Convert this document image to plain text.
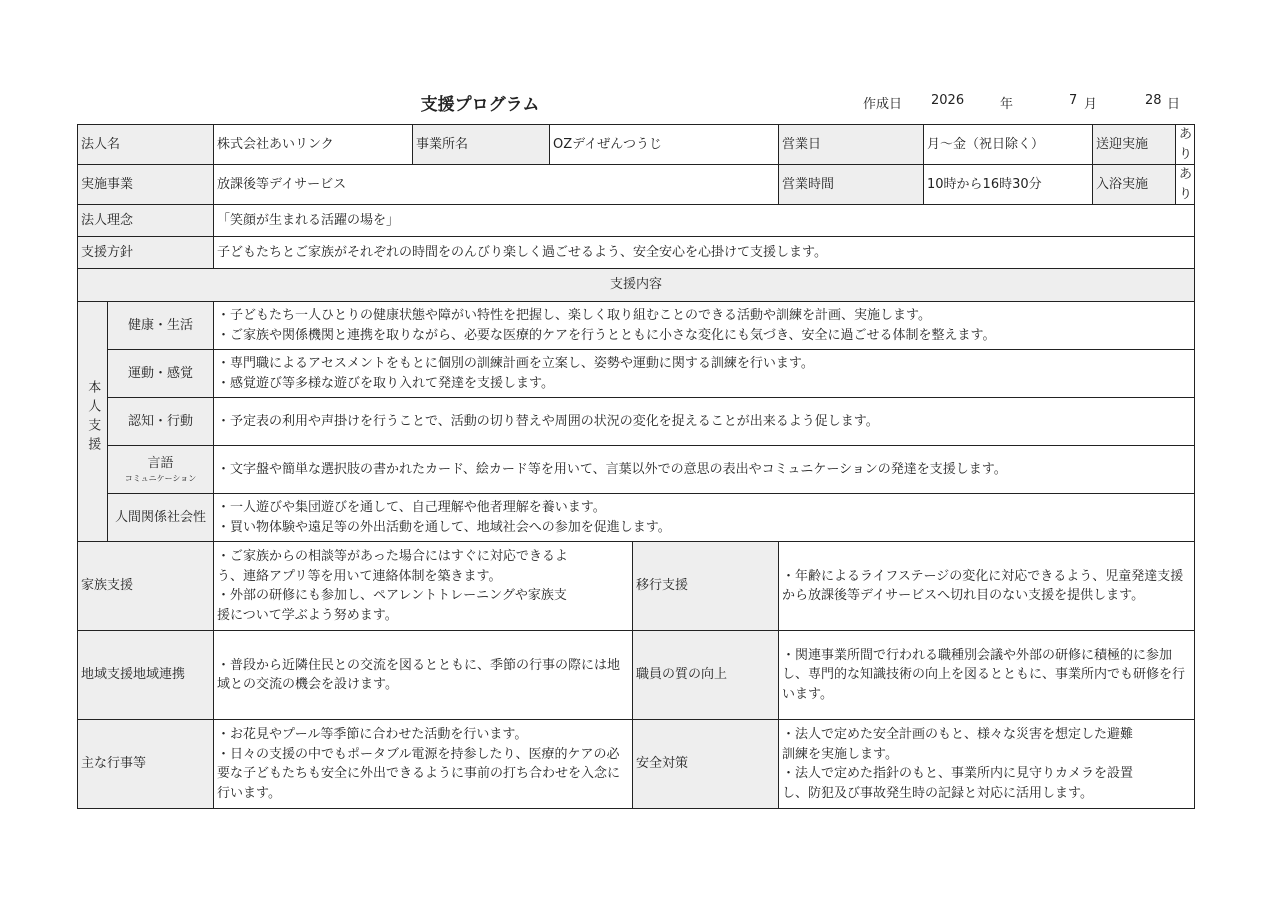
支援プログラム	作成日 2026	年	7 月	28 日
法人名		株式会社あいリンク	事業所名	OZデイぜんつうじ		営業日	月～金（祝日除く）	送迎実施	あり
実施事業		放課後等デイサービス				営業時間	10時から16時30分	入浴実施	あり
法人理念		「笑顔が生まれる活躍の場を」							
支援方針		子どもたちとご家族がそれぞれの時間をのんびり楽しく過ごせるよう、安全安心を心掛けて支援します。							
支援内容									
本人支援	健康・生活	・子どもたち一人ひとりの健康状態や障がい特性を把握し、楽しく取り組むことのできる活動や訓練を計画、実施します。
・ご家族や関係機関と連携を取りながら、必要な医療的ケアを行うとともに小さな変化にも気づき、安全に過ごせる体制を整えます。							

	運動・感覚	・専門職によるアセスメントをもとに個別の訓練計画を立案し、姿勢や運動に関する訓練を行います。
・感覚遊び等多様な遊びを取り入れて発達を支援します。							

	認知・行動	・予定表の利用や声掛けを行うことで、活動の切り替えや周囲の状況の変化を捉えることが出来るよう促します。							

	言語
コミュニケーション	・文字盤や簡単な選択肢の書かれたカード、絵カード等を用いて、言葉以外での意思の表出やコミュニケーションの発達を支援します。							

	人間関係社会性	・一人遊びや集団遊びを通して、自己理解や他者理解を養います。
・買い物体験や遠足等の外出活動を通して、地域社会への参加を促進します。							

家族支援		・ご家族からの相談等があった場合にはすぐに対応できるよ
う、連絡アプリ等を用いて連絡体制を築きます。
・外部の研修にも参加し、ペアレントトレーニングや家族支
援について学ぶよう努めます。			移行支援	・年齢によるライフステージの変化に対応できるよう、児童発達支援
から放課後等デイサービスへ切れ目のない支援を提供します。			

地域支援地域連携		・普段から近隣住民との交流を図るとともに、季節の行事の際には地
域との交流の機会を設けます。			職員の質の向上	・関連事業所間で行われる職種別会議や外部の研修に積極的に参加
し、専門的な知識技術の向上を図るとともに、事業所内でも研修を行
います。			

主な行事等		・お花見やプール等季節に合わせた活動を行います。
・日々の支援の中でもポータブル電源を持参したり、医療的ケアの必
要な子どもたちも安全に外出できるように事前の打ち合わせを入念に
行います。			安全対策	・法人で定めた安全計画のもと、様々な災害を想定した避難
訓練を実施します。
・法人で定めた指針のもと、事業所内に見守りカメラを設置
し、防犯及び事故発生時の記録と対応に活用します。			
